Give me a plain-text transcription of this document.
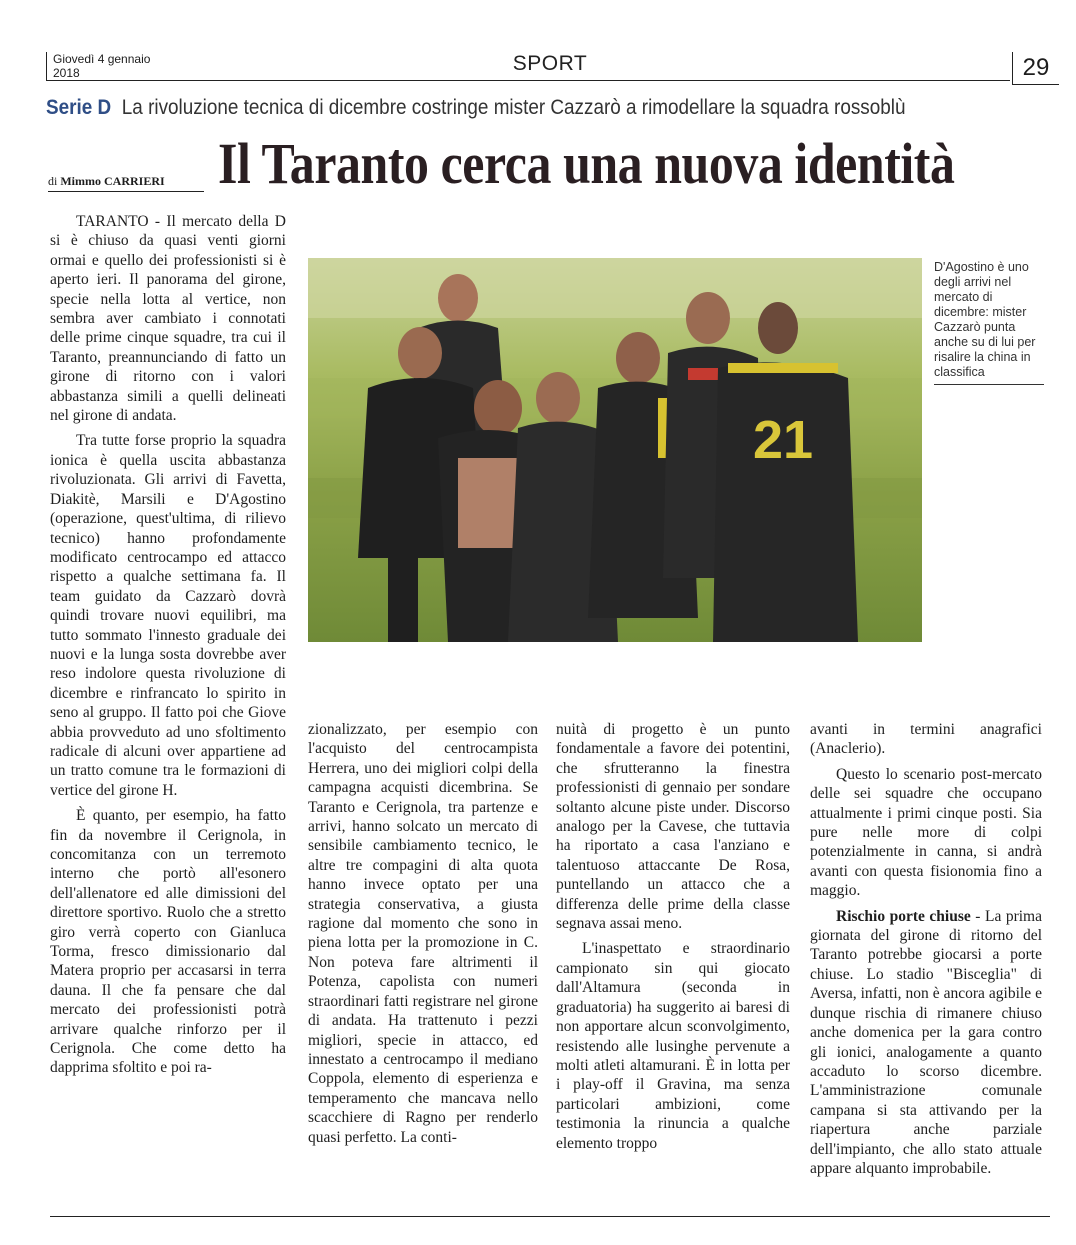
Giovedì 4 gennaio
2018	SPORT	29
Serie D La rivoluzione tecnica di dicembre costringe mister Cazzarò a rimodellare la squadra rossoblù
di Mimmo CARRIERI Il Taranto cerca una nuova identità

TARANTO - Il mercato della D si è chiuso da quasi venti giorni ormai e quello dei professionisti si è aperto ieri. Il panorama del girone, specie nella lotta al vertice, non sembra aver cambiato i connotati delle prime cinque squadre, tra cui il Taranto, preannunciando di fatto un girone di ritorno con i valori abbastanza simili a quelli delineati nel girone di andata.

Tra tutte forse proprio la squadra ionica è quella uscita abbastanza rivoluzionata. Gli arrivi di Favetta, Diakitè, Marsili e D'Agostino (operazione, quest'ultima, di rilievo tecnico) hanno profondamente modificato centrocampo ed attacco rispetto a qualche settimana fa. Il team guidato da Cazzarò dovrà quindi trovare nuovi equilibri, ma tutto sommato l'innesto graduale dei nuovi e la lunga sosta dovrebbe aver reso indolore questa rivoluzione di dicembre e rinfrancato lo spirito in seno al gruppo. Il fatto poi che Giove abbia provveduto ad uno sfoltimento radicale di alcuni over appartiene ad un tratto comune tra le formazioni di vertice del girone H.

È quanto, per esempio, ha fatto fin da novembre il Cerignola, in concomitanza con un terremoto interno che portò all'esonero dell'allenatore ed alle dimissioni del direttore sportivo. Ruolo che a stretto giro verrà coperto con Gianluca Torma, fresco dimissionario dal Matera proprio per accasarsi in terra dauna. Il che fa pensare che dal mercato dei professionisti potrà arrivare qualche rinforzo per il Cerignola. Che come detto ha dapprima sfoltito e poi ra-

21
D'Agostino è uno degli arrivi nel mercato di dicembre: mister Cazzarò punta anche su di lui per risalire la china in classifica

zionalizzato, per esempio con l'acquisto del centrocampista Herrera, uno dei migliori colpi della campagna acquisti dicembrina. Se Taranto e Cerignola, tra partenze e arrivi, hanno solcato un mercato di sensibile cambiamento tecnico, le altre tre compagini di alta quota hanno invece optato per una strategia conservativa, a giusta ragione dal momento che sono in piena lotta per la promozione in C. Non poteva fare altrimenti il Potenza, capolista con numeri straordinari fatti registrare nel girone di andata. Ha trattenuto i pezzi migliori, specie in attacco, ed innestato a centrocampo il mediano Coppola, elemento di esperienza e temperamento che mancava nello scacchiere di Ragno per renderlo quasi perfetto. La conti-

nuità di progetto è un punto fondamentale a favore dei potentini, che sfrutteranno la finestra professionisti di gennaio per sondare soltanto alcune piste under. Discorso analogo per la Cavese, che tuttavia ha riportato a casa l'anziano e talentuoso attaccante De Rosa, puntellando un attacco che a differenza delle prime della classe segnava assai meno.

L'inaspettato e straordinario campionato sin qui giocato dall'Altamura (seconda in graduatoria) ha suggerito ai baresi di non apportare alcun sconvolgimento, resistendo alle lusinghe pervenute a molti atleti altamurani. È in lotta per i play-off il Gravina, ma senza particolari ambizioni, come testimonia la rinuncia a qualche elemento troppo

avanti in termini anagrafici (Anaclerio).

Questo lo scenario post-mercato delle sei squadre che occupano attualmente i primi cinque posti. Sia pure nelle more di colpi potenzialmente in canna, si andrà avanti con questa fisionomia fino a maggio.

Rischio porte chiuse - La prima giornata del girone di ritorno del Taranto potrebbe giocarsi a porte chiuse. Lo stadio "Bisceglia" di Aversa, infatti, non è ancora agibile e dunque rischia di rimanere chiuso anche domenica per la gara contro gli ionici, analogamente a quanto accaduto lo scorso dicembre. L'amministrazione comunale campana si sta attivando per la riapertura anche parziale dell'impianto, che allo stato attuale appare alquanto improbabile.
